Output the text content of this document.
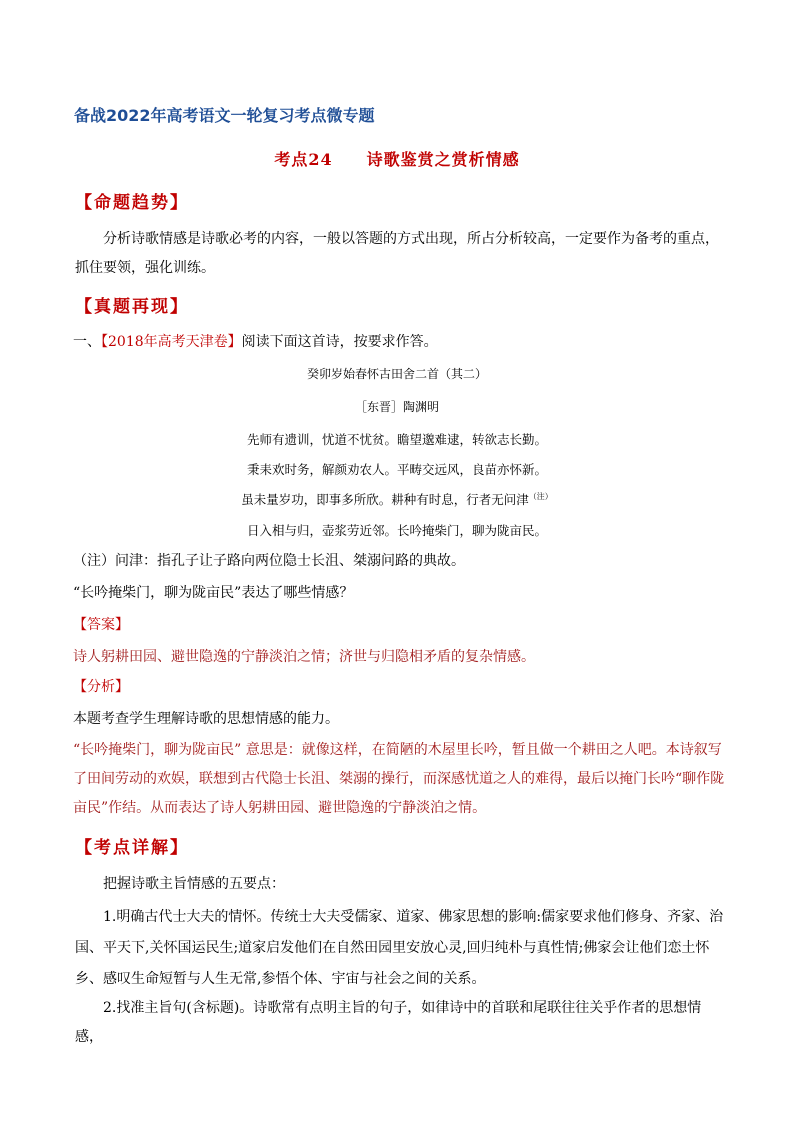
备战2022年高考语文一轮复习考点微专题
考点24 诗歌鉴赏之赏析情感
【命题趋势】
分析诗歌情感是诗歌必考的内容，一般以答题的方式出现，所占分析较高，一定要作为备考的重点，抓住要领，强化训练。
【真题再现】
一、【2018年高考天津卷】阅读下面这首诗，按要求作答。
癸卯岁始春怀古田舍二首（其二）
［东晋］陶渊明
先师有遗训，忧道不忧贫。瞻望邈难逮，转欲志长勤。
秉耒欢时务，解颜劝农人。平畴交远风，良苗亦怀新。
虽未量岁功，即事多所欣。耕种有时息，行者无问津$^{(注)}$
日入相与归，壶浆劳近邻。长吟掩柴门，聊为陇亩民。
（注）问津：指孔子让子路向两位隐士长沮、桀溺问路的典故。
“长吟掩柴门，聊为陇亩民”表达了哪些情感？
【答案】
诗人躬耕田园、避世隐逸的宁静淡泊之情；济世与归隐相矛盾的复杂情感。
【分析】
本题考查学生理解诗歌的思想情感的能力。
“长吟掩柴门，聊为陇亩民” 意思是：就像这样，在简陋的木屋里长吟，暂且做一个耕田之人吧。本诗叙写了田间劳动的欢娱，联想到古代隐士长沮、桀溺的操行，而深感忧道之人的难得，最后以掩门长吟“聊作陇亩民”作结。从而表达了诗人躬耕田园、避世隐逸的宁静淡泊之情。
【考点详解】
把握诗歌主旨情感的五要点：
1.明确古代士大夫的情怀。传统士大夫受儒家、道家、佛家思想的影响:儒家要求他们修身、齐家、治国、平天下,关怀国运民生;道家启发他们在自然田园里安放心灵,回归纯朴与真性情;佛家会让他们恋土怀乡、感叹生命短暂与人生无常,参悟个体、宇宙与社会之间的关系。
2.找准主旨句(含标题)。诗歌常有点明主旨的句子，如律诗中的首联和尾联往往关乎作者的思想情感，
